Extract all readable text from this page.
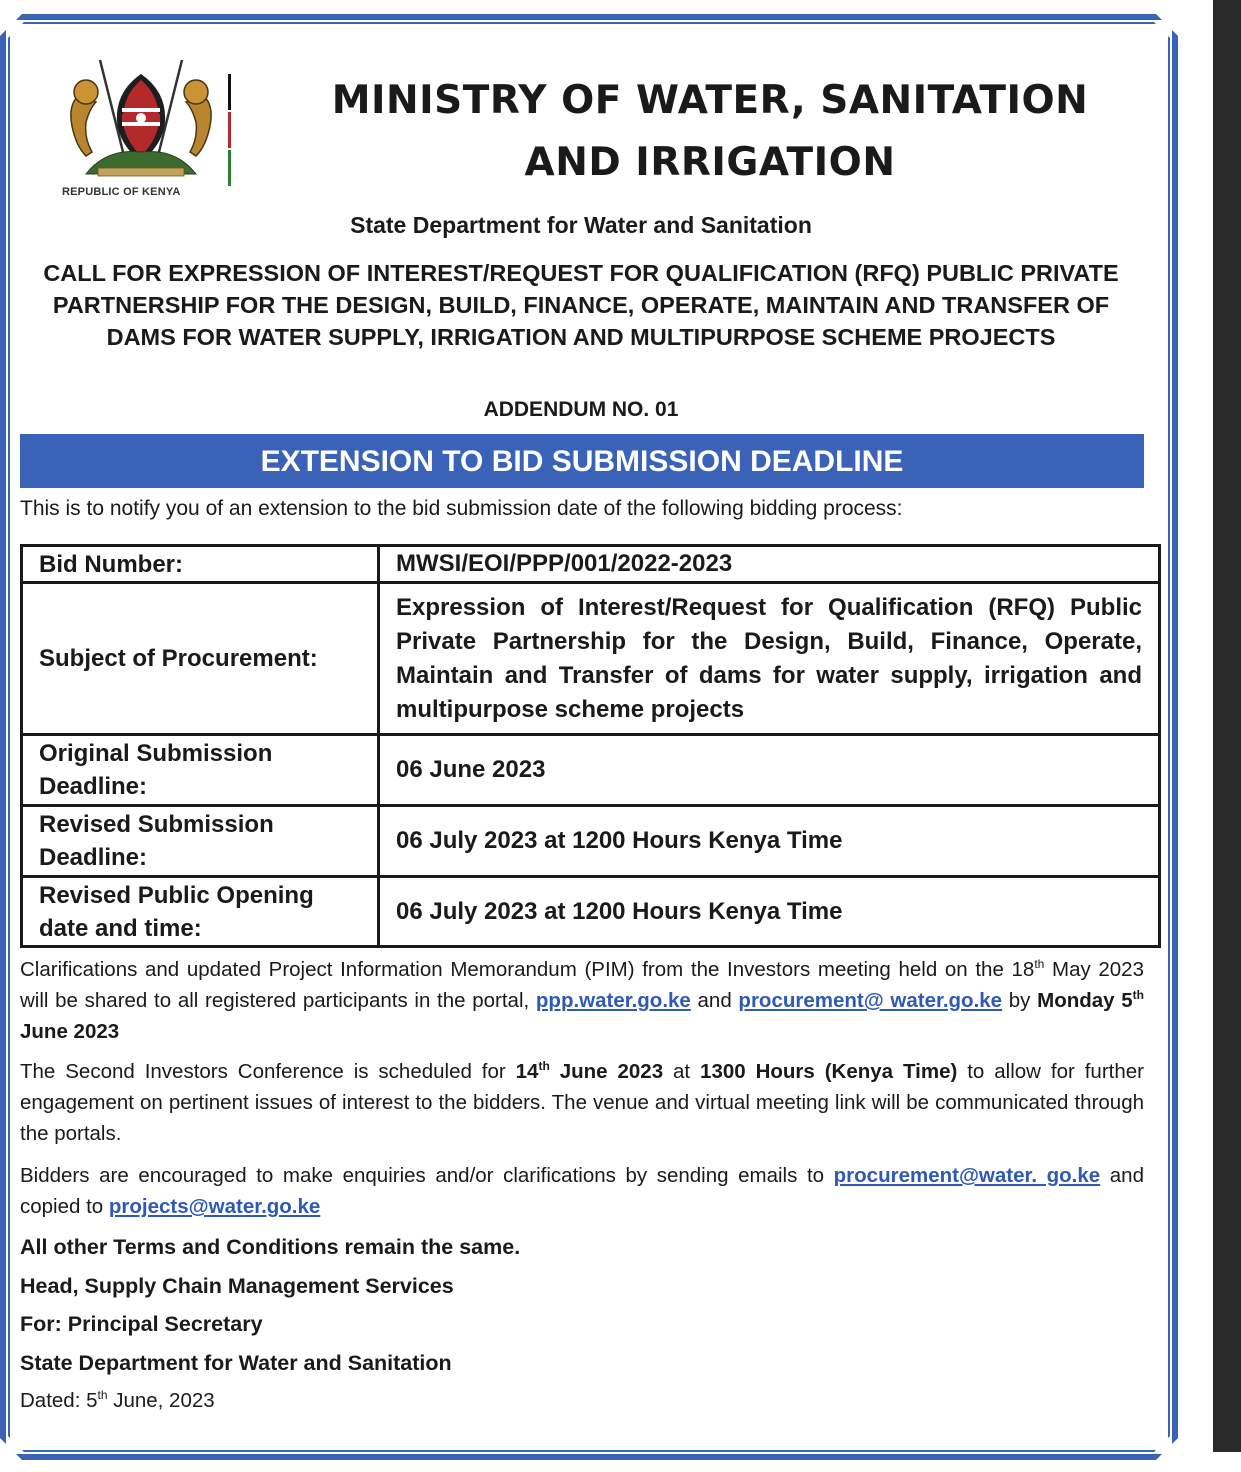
REPUBLIC OF KENYA
MINISTRY OF WATER, SANITATION
AND IRRIGATION
State Department for Water and Sanitation
CALL FOR EXPRESSION OF INTEREST/REQUEST FOR QUALIFICATION (RFQ) PUBLIC PRIVATE PARTNERSHIP FOR THE DESIGN, BUILD, FINANCE, OPERATE, MAINTAIN AND TRANSFER OF DAMS FOR WATER SUPPLY, IRRIGATION AND MULTIPURPOSE SCHEME PROJECTS
ADDENDUM NO. 01
EXTENSION TO BID SUBMISSION DEADLINE
This is to notify you of an extension to the bid submission date of the following bidding process:
Bid Number:	MWSI/EOI/PPP/001/2022-2023
Subject of Procurement:	Expression of Interest/Request for Qualification (RFQ) Public Private Partnership for the Design, Build, Finance, Operate, Maintain and Transfer of dams for water supply, irrigation and multipurpose scheme projects
Original Submission Deadline:	06 June 2023
Revised Submission Deadline:	06 July 2023 at 1200 Hours Kenya Time
Revised Public Opening date and time:	06 July 2023 at 1200 Hours Kenya Time
Clarifications and updated Project Information Memorandum (PIM) from the Investors meeting held on the 18th May 2023 will be shared to all registered participants in the portal, ppp.water.go.ke and procurement@ water.go.ke by Monday 5th June 2023
The Second Investors Conference is scheduled for 14th June 2023 at 1300 Hours (Kenya Time) to allow for further engagement on pertinent issues of interest to the bidders. The venue and virtual meeting link will be communicated through the portals.
Bidders are encouraged to make enquiries and/or clarifications by sending emails to procurement@water. go.ke and copied to projects@water.go.ke
All other Terms and Conditions remain the same.
Head, Supply Chain Management Services
For: Principal Secretary
State Department for Water and Sanitation
Dated: 5th June, 2023
